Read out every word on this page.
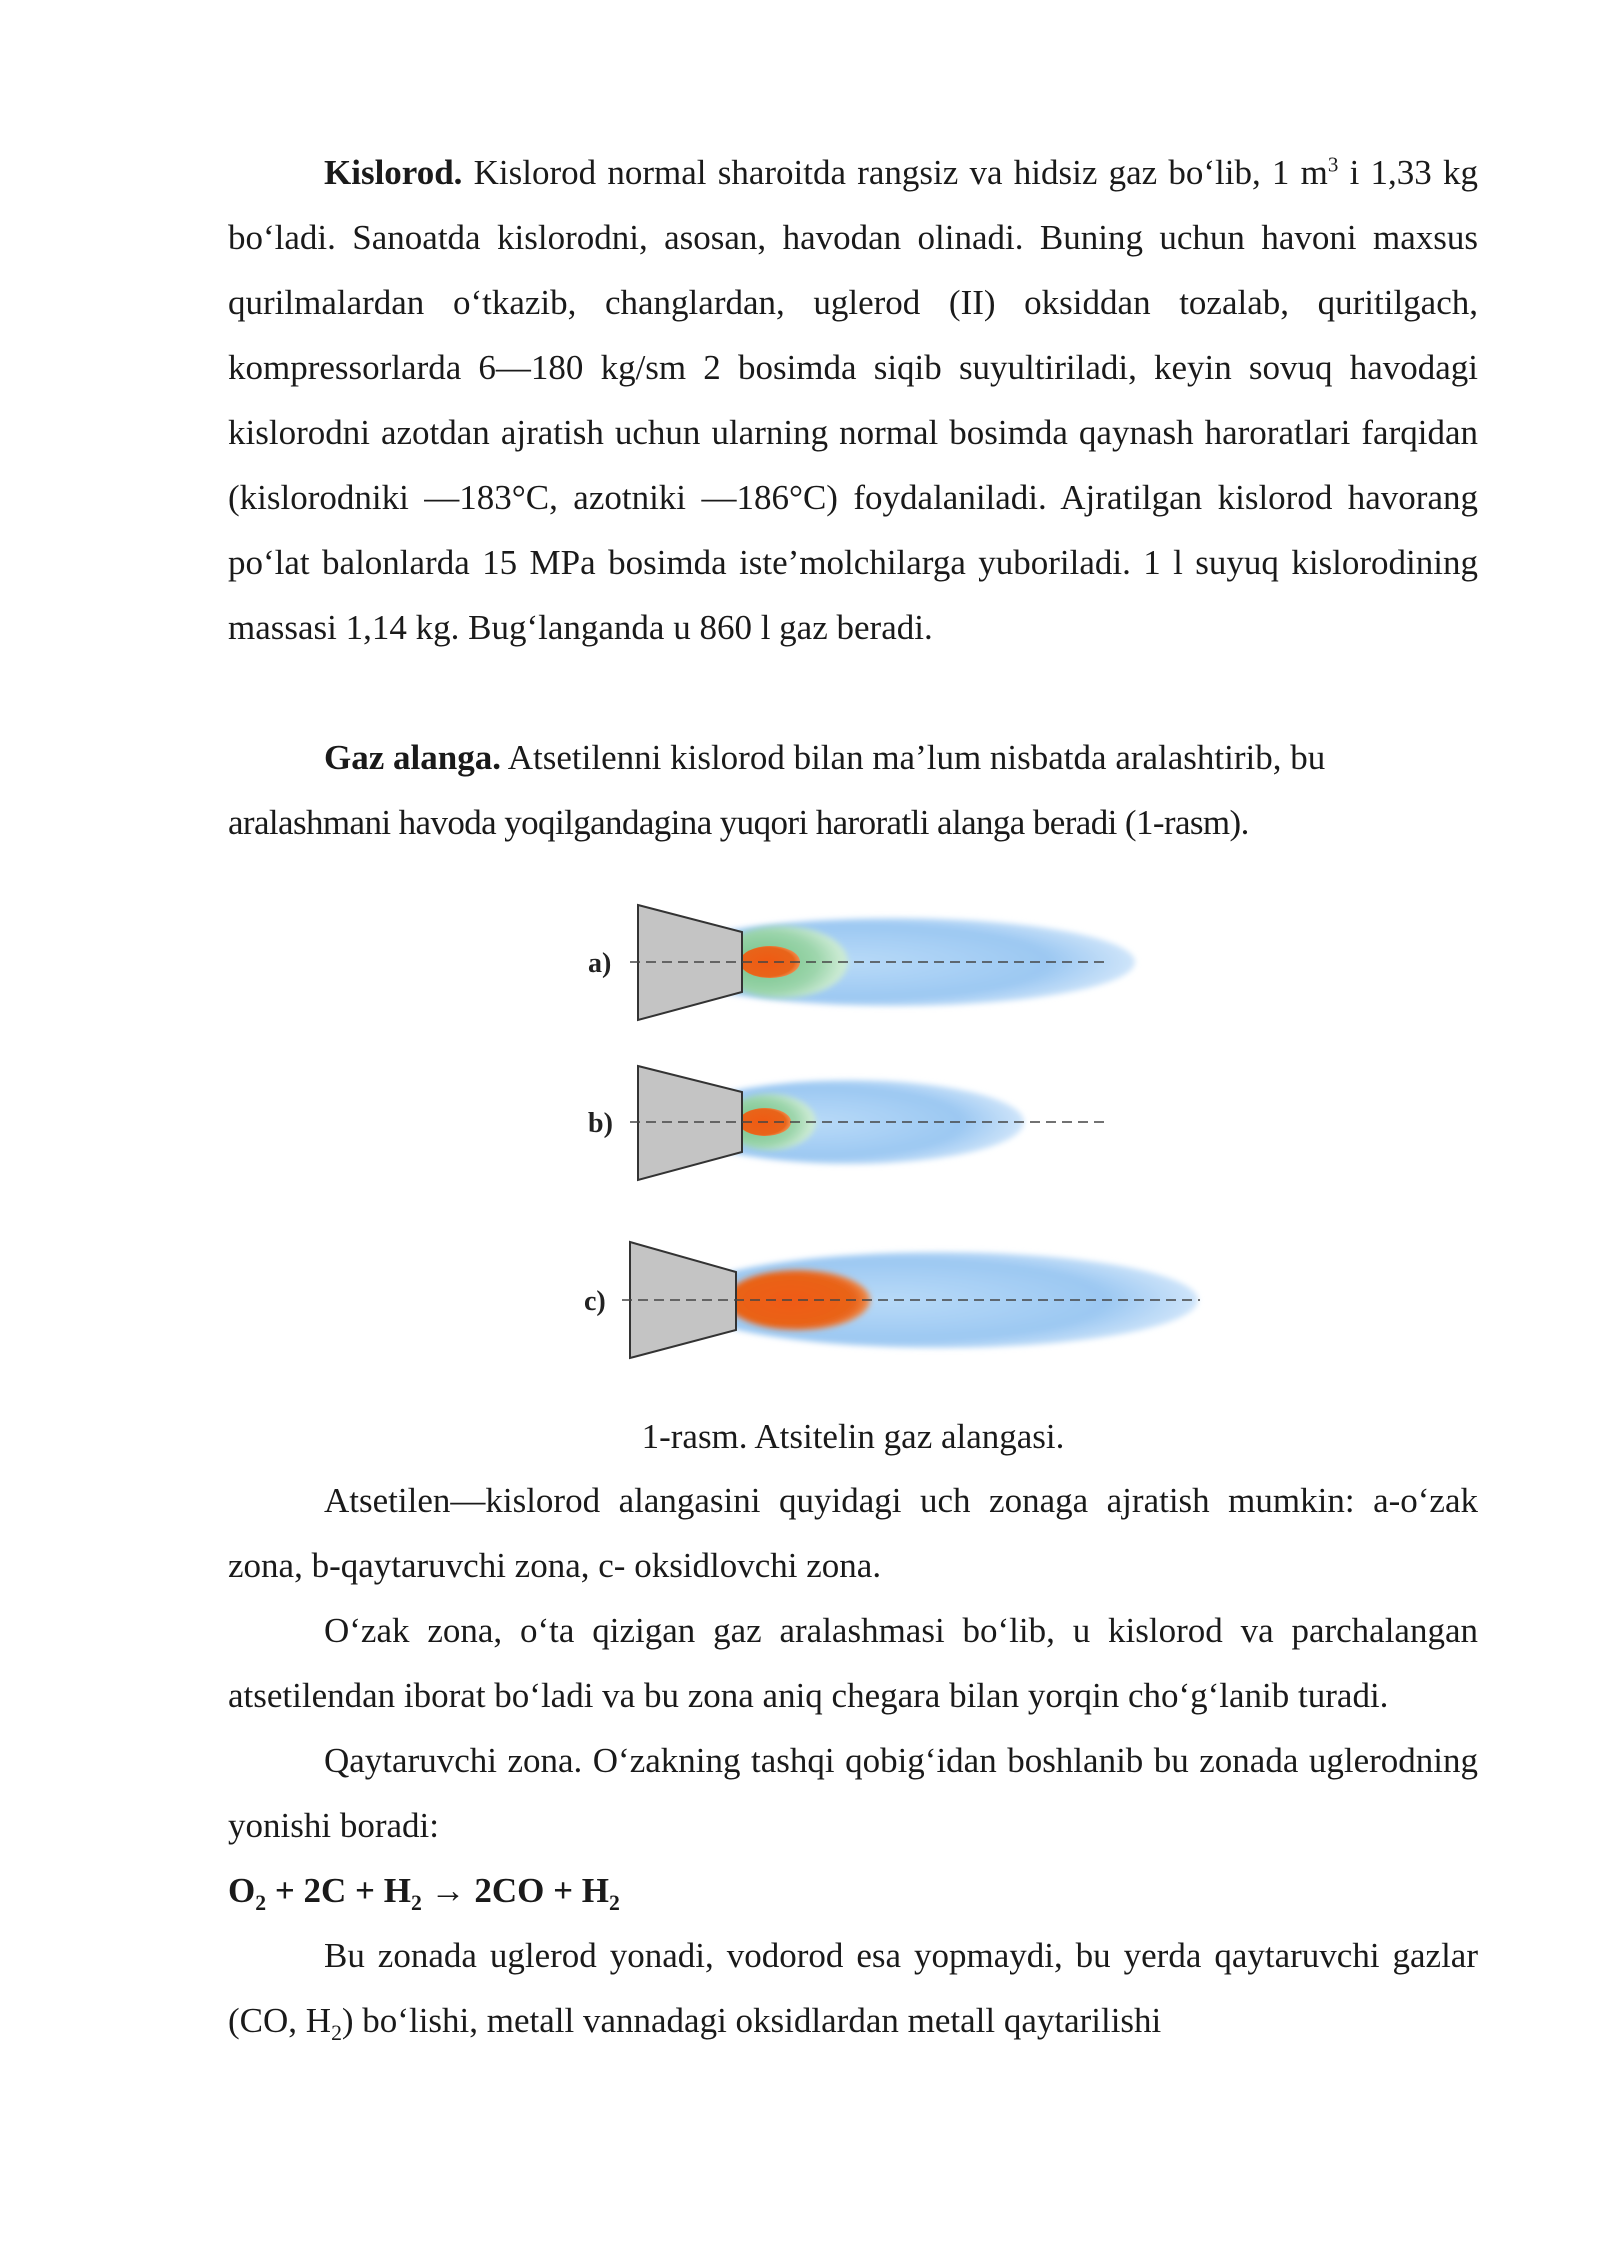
Kislorod. Kislorod normal sharoitda rangsiz va hidsiz gaz bo‘lib, 1 $m^3$ i 1,33 kg bo‘ladi. Sanoatda kislorodni, asosan, havodan olinadi. Buning uchun havoni maxsus qurilmalardan o‘tkazib, changlardan, uglerod (II) oksiddan tozalab, quritilgach, kompressorlarda 6—180 kg/sm 2 bosimda siqib suyultiriladi, keyin sovuq havodagi kislorodni azotdan ajratish uchun ularning normal bosimda qaynash haroratlari farqidan (kislorodniki —183°C, azotniki —186°C) foydalaniladi. Ajratilgan kislorod havorang po‘lat balonlarda 15 MPa bosimda iste’molchilarga yuboriladi. 1 l suyuq kislorodining massasi 1,14 kg. Bug‘langanda u 860 l gaz beradi.

Gaz alanga. Atsetilenni kislorod bilan ma’lum nisbatda aralashtirib, bu

aralashmani havoda yoqilgandagina yuqori haroratli alanga beradi (1-rasm).

a)
b)
c)
1-rasm. Atsitelin gaz alangasi.

Atsetilen—kislorod alangasini quyidagi uch zonaga ajratish mumkin: a-o‘zak zona, b-qaytaruvchi zona, c- oksidlovchi zona.

O‘zak zona, o‘ta qizigan gaz aralashmasi bo‘lib, u kislorod va parchalangan atsetilendan iborat bo‘ladi va bu zona aniq chegara bilan yorqin cho‘g‘lanib turadi.

Qaytaruvchi zona. O‘zakning tashqi qobig‘idan boshlanib bu zonada uglerodning yonishi boradi:

$O_2 + 2C + H_2 \to 2CO + H_2$

Bu zonada uglerod yonadi, vodorod esa yopmaydi, bu yerda qaytaruvchi gazlar (CO, $H_2$) bo‘lishi, metall vannadagi oksidlardan metall qaytarilishi
